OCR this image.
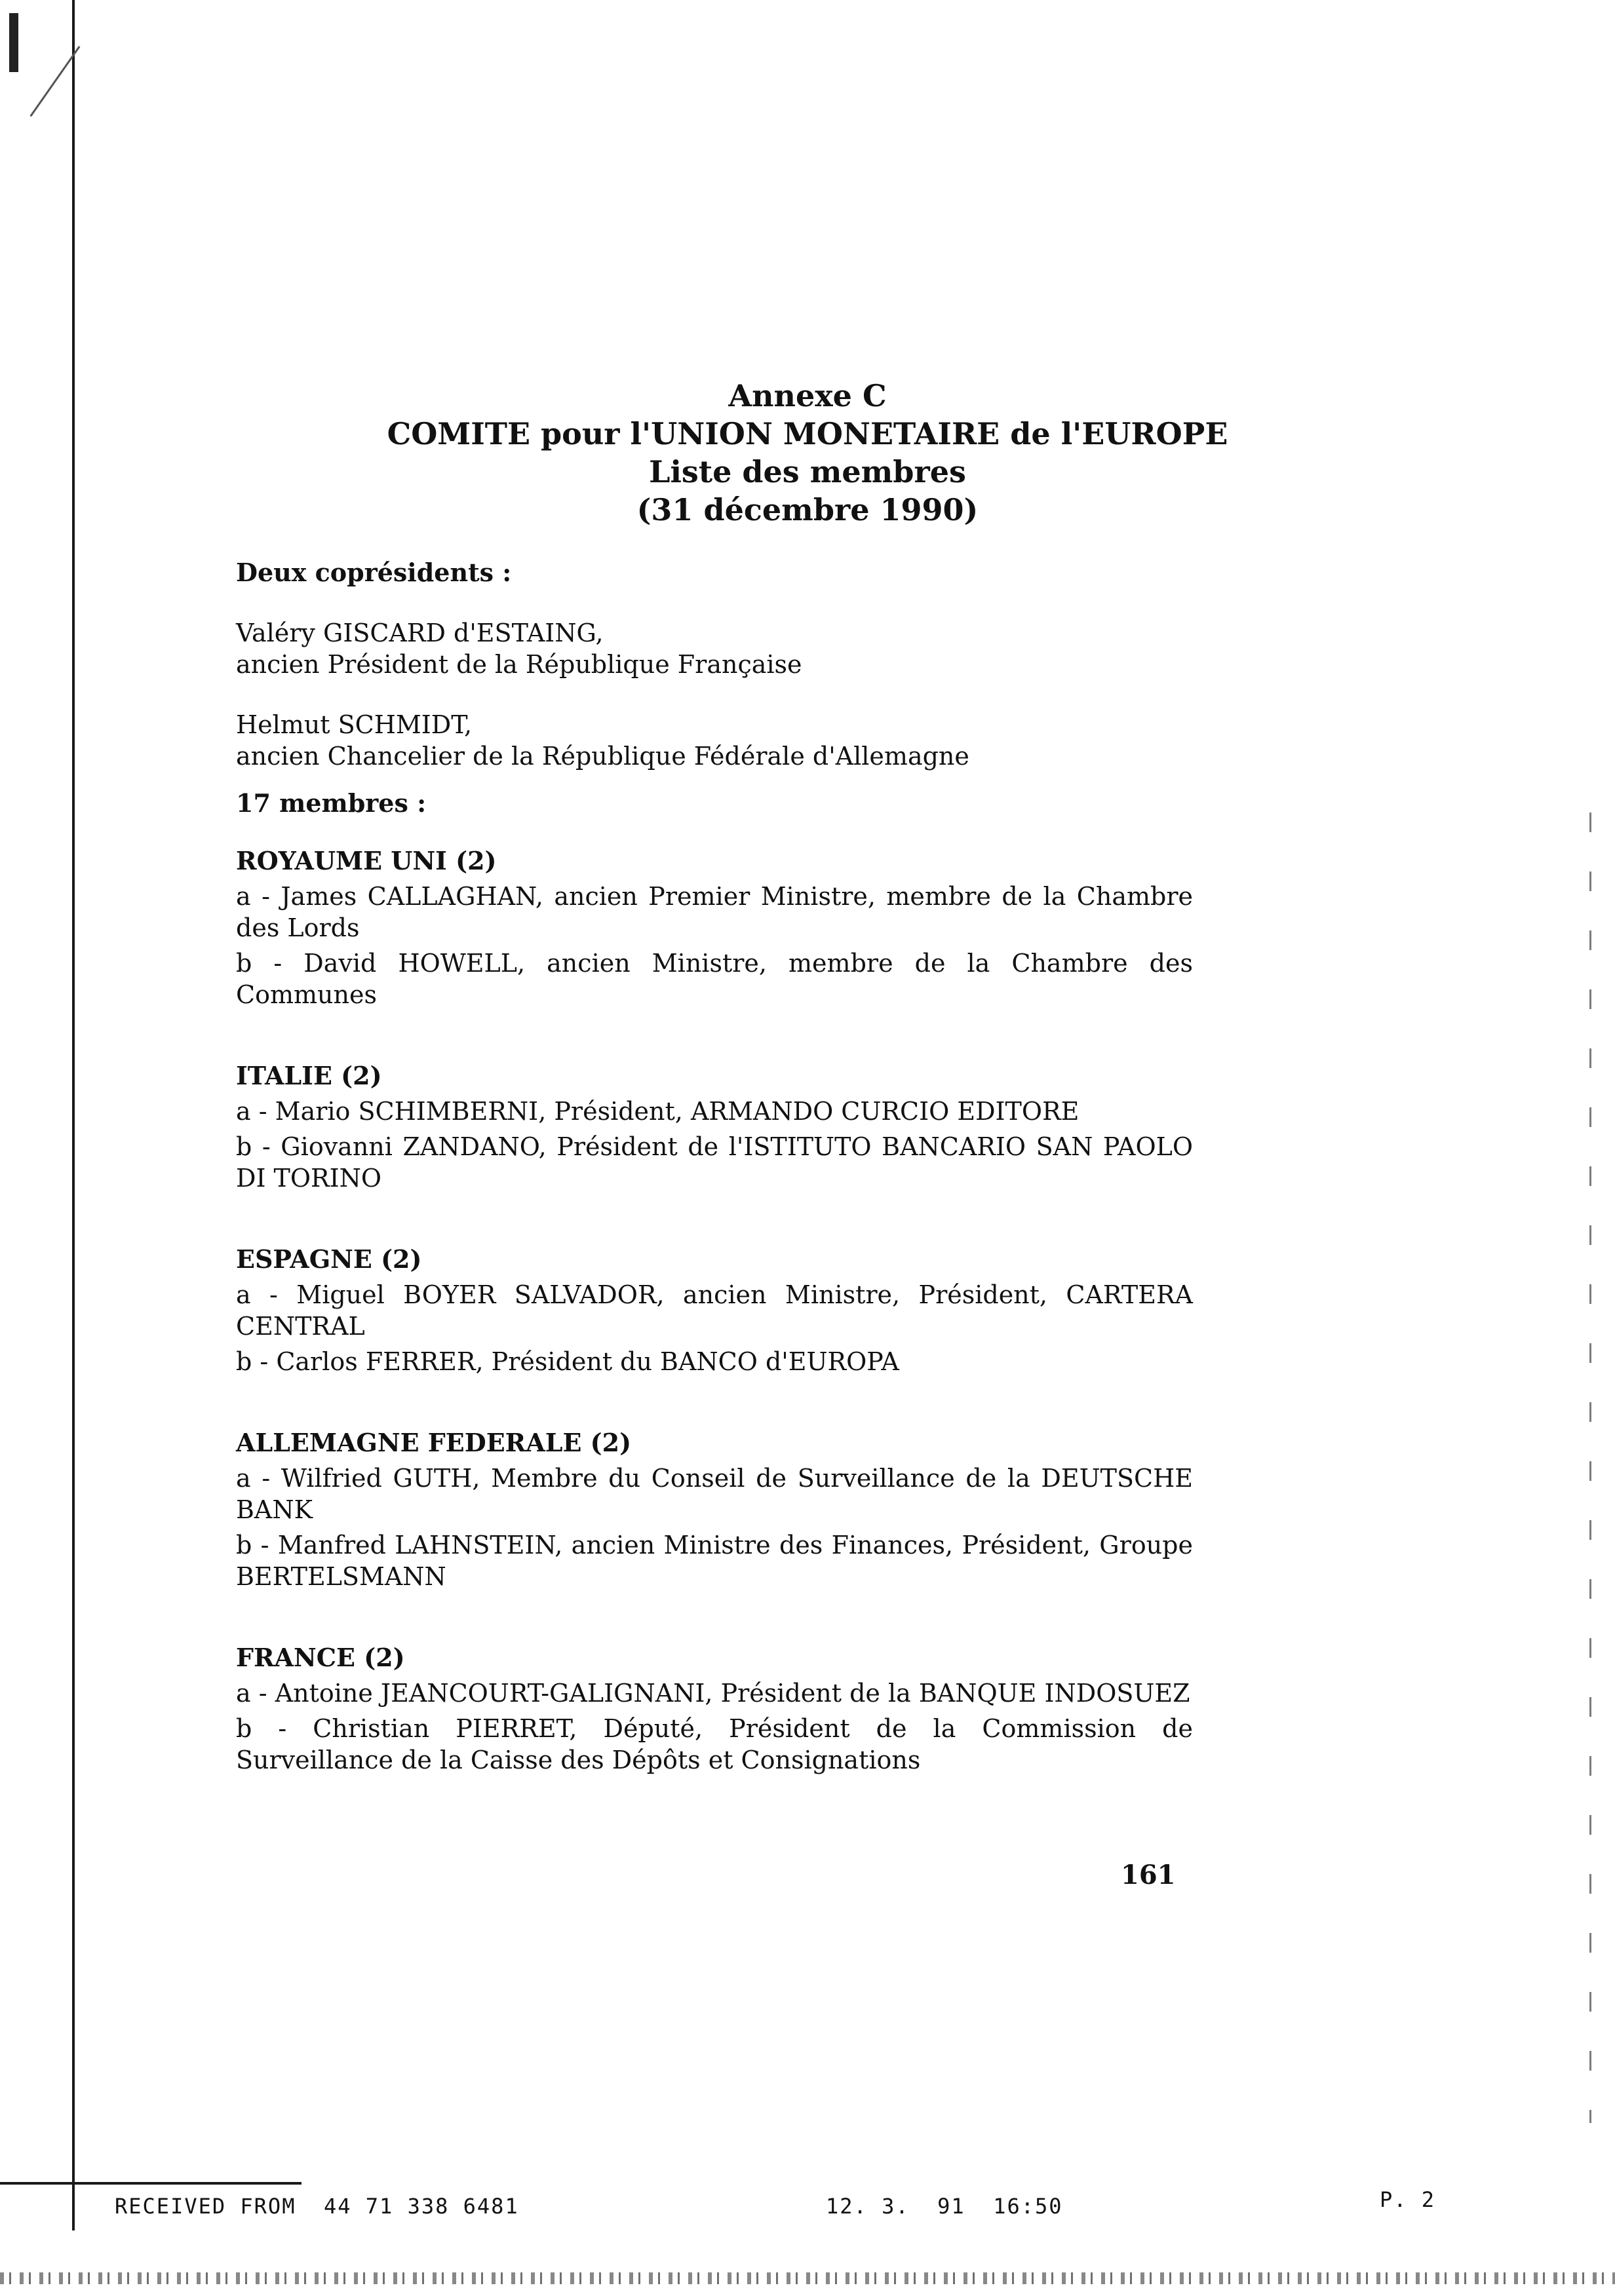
Annexe C
COMITE pour l'UNION MONETAIRE de l'EUROPE
Liste des membres
(31 décembre 1990)
Deux coprésidents :
Valéry GISCARD d'ESTAING,
ancien Président de la République Française
Helmut SCHMIDT,
ancien Chancelier de la République Fédérale d'Allemagne
17 membres :
ROYAUME UNI (2)
a - James CALLAGHAN, ancien Premier Ministre, membre de la Chambre des Lords
b - David HOWELL, ancien Ministre, membre de la Chambre des Communes
ITALIE (2)
a - Mario SCHIMBERNI, Président, ARMANDO CURCIO EDITORE
b - Giovanni ZANDANO, Président de l'ISTITUTO BANCARIO SAN PAOLO DI TORINO
ESPAGNE (2)
a - Miguel BOYER SALVADOR, ancien Ministre, Président, CARTERA CENTRAL
b - Carlos FERRER, Président du BANCO d'EUROPA
ALLEMAGNE FEDERALE (2)
a - Wilfried GUTH, Membre du Conseil de Surveillance de la DEUTSCHE BANK
b - Manfred LAHNSTEIN, ancien Ministre des Finances, Président, Groupe BERTELSMANN
FRANCE (2)
a - Antoine JEANCOURT-GALIGNANI, Président de la BANQUE INDOSUEZ
b - Christian PIERRET, Député, Président de la Commission de Surveillance de la Caisse des Dépôts et Consignations
161
RECEIVED FROM  44 71 338 6481	12. 3.  91  16:50	P. 2
